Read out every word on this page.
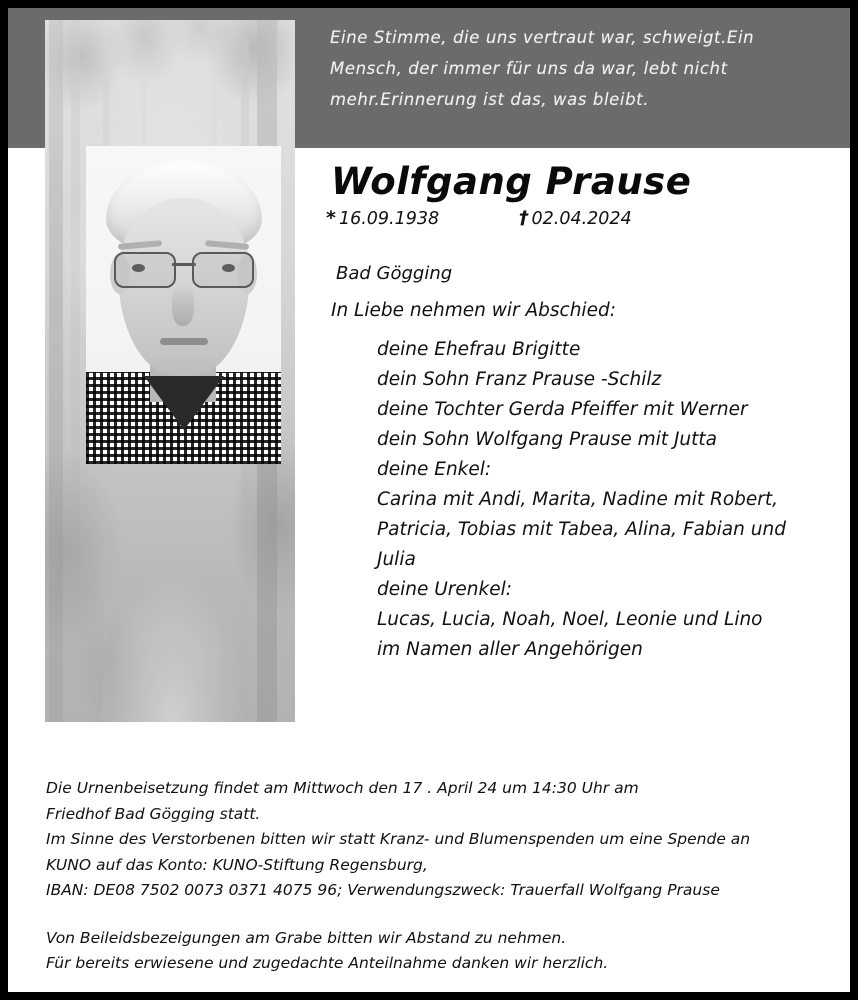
Eine Stimme, die uns vertraut war, schweigt.Ein
Mensch, der immer für uns da war, lebt nicht
mehr.Erinnerung ist das, was bleibt.
Wolfgang Prause
* 16.09.1938	† 02.04.2024
Bad Gögging
In Liebe nehmen wir Abschied:
deine Ehefrau Brigitte
dein Sohn Franz Prause -Schilz
deine Tochter Gerda Pfeiffer mit Werner
dein Sohn Wolfgang Prause mit Jutta
deine Enkel:
Carina mit Andi, Marita, Nadine mit Robert,
Patricia, Tobias mit Tabea, Alina, Fabian und
Julia
deine Urenkel:
Lucas, Lucia, Noah, Noel, Leonie und Lino
im Namen aller Angehörigen

Die Urnenbeisetzung findet am Mittwoch den 17 . April 24 um 14:30 Uhr am

Friedhof Bad Gögging statt.

Im Sinne des Verstorbenen bitten wir statt Kranz- und Blumenspenden um eine Spende an

KUNO auf das Konto: KUNO-Stiftung Regensburg,

IBAN: DE08 7502 0073 0371 4075 96; Verwendungszweck: Trauerfall Wolfgang Prause

Von Beileidsbezeigungen am Grabe bitten wir Abstand zu nehmen.

Für bereits erwiesene und zugedachte Anteilnahme danken wir herzlich.
